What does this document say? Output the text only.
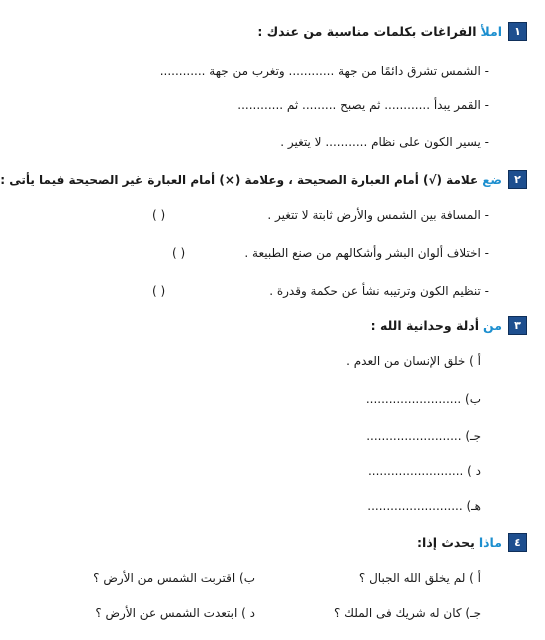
١
املأ
الفراغات بكلمات مناسبة من عندك :
- الشمس تشرق دائمًا من جهة ............ وتغرب من جهة ............
- القمر يبدأ ............ ثم يصبح ......... ثم ............
- يسير الكون على نظام ........... لا يتغير .
٢
ضع
علامة (√) أمام العبارة الصحيحة ، وعلامة (×) أمام العبارة غير الصحيحة فيما يأتى :
- المسافة بين الشمس والأرض ثابتة لا تتغير .
( )
- اختلاف ألوان البشر وأشكالهم من صنع الطبيعة .
( )
- تنظيم الكون وترتيبه نشأ عن حكمة وقدرة .
( )
٣
من
أدلة وحدانية الله :
أ ) خلق الإنسان من العدم .
ب) .........................
جـ) .........................
د ) .........................
هـ) .........................
٤
ماذا
يحدث إذا:
أ ) لم يخلق الله الجبال ؟
ب) اقتربت الشمس من الأرض ؟
جـ) كان له شريك فى الملك ؟
د ) ابتعدت الشمس عن الأرض ؟
